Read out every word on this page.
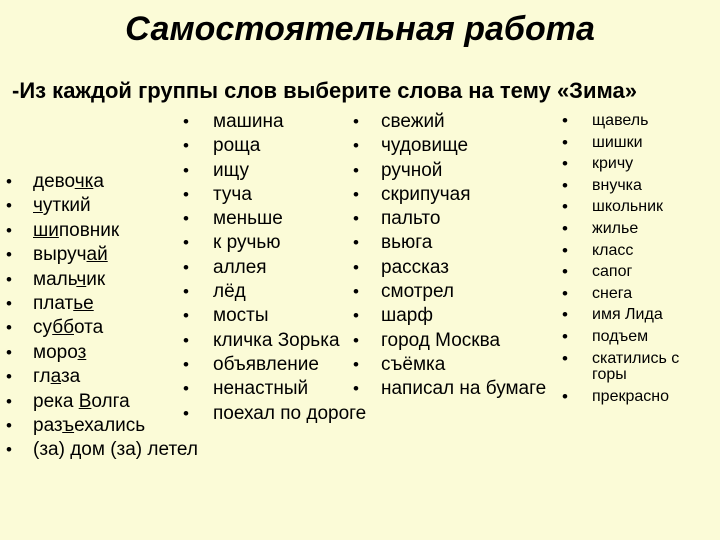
Самостоятельная работа

-Из каждой группы слов выберите слова на тему «Зима»

• девочка
• чуткий
• шиповник
• выручай
• мальчик
• платье
• суббота
• мороз
• глаза
• река Волга
• разъехались
• (за) дом (за) летел
• машина
• роща
• ищу
• туча
• меньше
• к ручью
• аллея
• лёд
• мосты
• кличка Зорька
• объявление
• ненастный
• поехал по дороге
• свежий
• чудовище
• ручной
• скрипучая
• пальто
• вьюга
• рассказ
• смотрел
• шарф
• город Москва
• съёмка
• написал на бумаге
• щавель
• шишки
• кричу
• внучка
• школьник
• жилье
• класс
• сапог
• снега
• имя Лида
• подъем
• скатились с
горы
• прекрасно
